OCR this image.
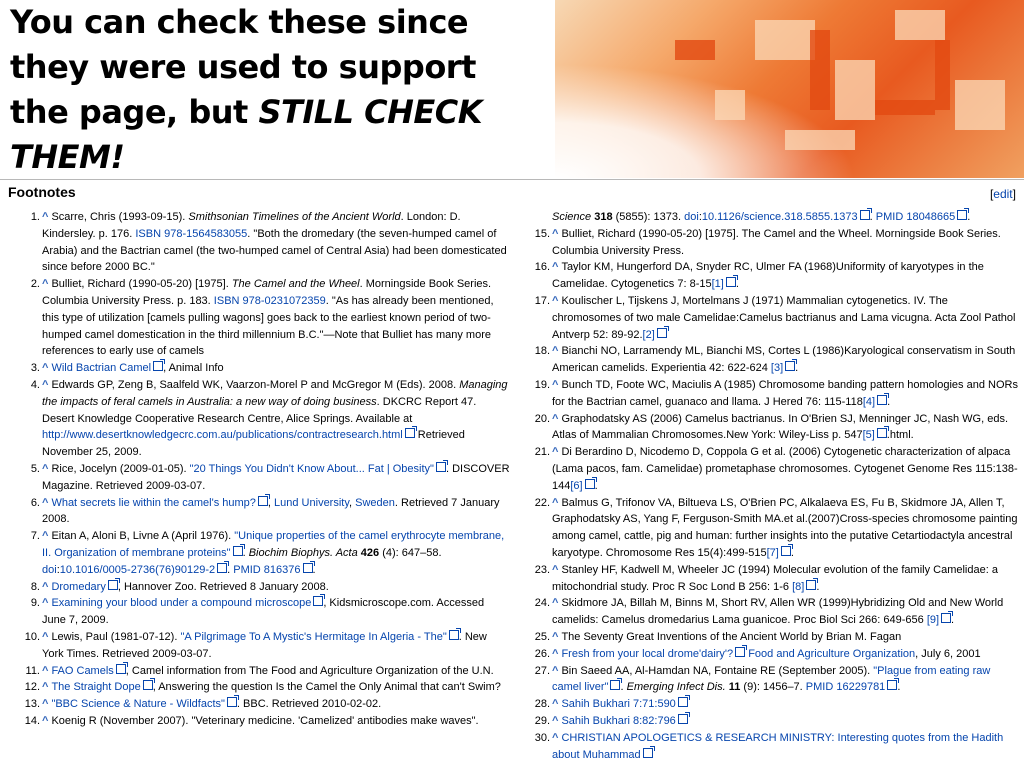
You can check these since
they were used to support
the page, but STILL CHECK
THEM!
Footnotes	[edit]
1. ^ Scarre, Chris (1993-09-15). Smithsonian Timelines of the Ancient World. London: D. Kindersley. p. 176. ISBN 978-1564583055. "Both the dromedary (the seven-humped camel of Arabia) and the Bactrian camel (the two-humped camel of Central Asia) had been domesticated since before 2000 BC."
2. ^ Bulliet, Richard (1990-05-20) [1975]. The Camel and the Wheel. Morningside Book Series. Columbia University Press. p. 183. ISBN 978-0231072359. "As has already been mentioned, this type of utilization [camels pulling wagons] goes back to the earliest known period of two-humped camel domestication in the third millennium B.C."—Note that Bulliet has many more references to early use of camels
3. ^ Wild Bactrian Camel , Animal Info
4. ^ Edwards GP, Zeng B, Saalfeld WK, Vaarzon-Morel P and McGregor M (Eds). 2008. Managing the impacts of feral camels in Australia: a new way of doing business. DKCRC Report 47. Desert Knowledge Cooperative Research Centre, Alice Springs. Available at http://www.desertknowledgecrc.com.au/publications/contractresearch.html Retrieved November 25, 2009.
5. ^ Rice, Jocelyn (2009-01-05). "20 Things You Didn't Know About... Fat | Obesity" . DISCOVER Magazine. Retrieved 2009-03-07.
6. ^ What secrets lie within the camel's hump? , Lund University, Sweden. Retrieved 7 January 2008.
7. ^ Eitan A, Aloni B, Livne A (April 1976). "Unique properties of the camel erythrocyte membrane, II. Organization of membrane proteins" . Biochim Biophys. Acta 426 (4): 647–58. doi:10.1016/0005-2736(76)90129-2 . PMID 816376 .
8. ^ Dromedary , Hannover Zoo. Retrieved 8 January 2008.
9. ^ Examining your blood under a compound microscope , Kidsmicroscope.com. Accessed June 7, 2009.
10. ^ Lewis, Paul (1981-07-12). "A Pilgrimage To A Mystic's Hermitage In Algeria - The" . New York Times. Retrieved 2009-03-07.
11. ^ FAO Camels , Camel information from The Food and Agriculture Organization of the U.N.
12. ^ The Straight Dope , Answering the question Is the Camel the Only Animal that can't Swim?
13. ^ "BBC Science & Nature - Wildfacts" . BBC. Retrieved 2010-02-02.
14. ^ Koenig R (November 2007). "Veterinary medicine. 'Camelized' antibodies make waves".
Science 318 (5855): 1373. doi:10.1126/science.318.5855.1373 . PMID 18048665 .
15. ^ Bulliet, Richard (1990-05-20) [1975]. The Camel and the Wheel. Morningside Book Series. Columbia University Press.
16. ^ Taylor KM, Hungerford DA, Snyder RC, Ulmer FA (1968)Uniformity of karyotypes in the Camelidae. Cytogenetics 7: 8-15[1] .
17. ^ Koulischer L, Tijskens J, Mortelmans J (1971) Mammalian cytogenetics. IV. The chromosomes of two male Camelidae:Camelus bactrianus and Lama vicugna. Acta Zool Pathol Antverp 52: 89-92.[2]
18. ^ Bianchi NO, Larramendy ML, Bianchi MS, Cortes L (1986)Karyological conservatism in South American camelids. Experientia 42: 622-624 [3] .
19. ^ Bunch TD, Foote WC, Maciulis A (1985) Chromosome banding pattern homologies and NORs for the Bactrian camel, guanaco and llama. J Hered 76: 115-118[4] .
20. ^ Graphodatsky AS (2006) Camelus bactrianus. In O'Brien SJ, Menninger JC, Nash WG, eds. Atlas of Mammalian Chromosomes.New York: Wiley-Liss p. 547[5] .html.
21. ^ Di Berardino D, Nicodemo D, Coppola G et al. (2006) Cytogenetic characterization of alpaca (Lama pacos, fam. Camelidae) prometaphase chromosomes. Cytogenet Genome Res 115:138-144[6] .
22. ^ Balmus G, Trifonov VA, Biltueva LS, O'Brien PC, Alkalaeva ES, Fu B, Skidmore JA, Allen T, Graphodatsky AS, Yang F, Ferguson-Smith MA.et al.(2007)Cross-species chromosome painting among camel, cattle, pig and human: further insights into the putative Cetartiodactyla ancestral karyotype. Chromosome Res 15(4):499-515[7] .
23. ^ Stanley HF, Kadwell M, Wheeler JC (1994) Molecular evolution of the family Camelidae: a mitochondrial study. Proc R Soc Lond B 256: 1-6 [8] .
24. ^ Skidmore JA, Billah M, Binns M, Short RV, Allen WR (1999)Hybridizing Old and New World camelids: Camelus dromedarius Lama guanicoe. Proc Biol Sci 266: 649-656 [9] .
25. ^ The Seventy Great Inventions of the Ancient World by Brian M. Fagan
26. ^ Fresh from your local drome'dairy'? Food and Agriculture Organization, July 6, 2001
27. ^ Bin Saeed AA, Al-Hamdan NA, Fontaine RE (September 2005). "Plague from eating raw camel liver" . Emerging Infect Dis. 11 (9): 1456–7. PMID 16229781 .
28. ^ Sahih Bukhari 7:71:590
29. ^ Sahih Bukhari 8:82:796
30. ^ CHRISTIAN APOLOGETICS & RESEARCH MINISTRY: Interesting quotes from the Hadith about Muhammad
